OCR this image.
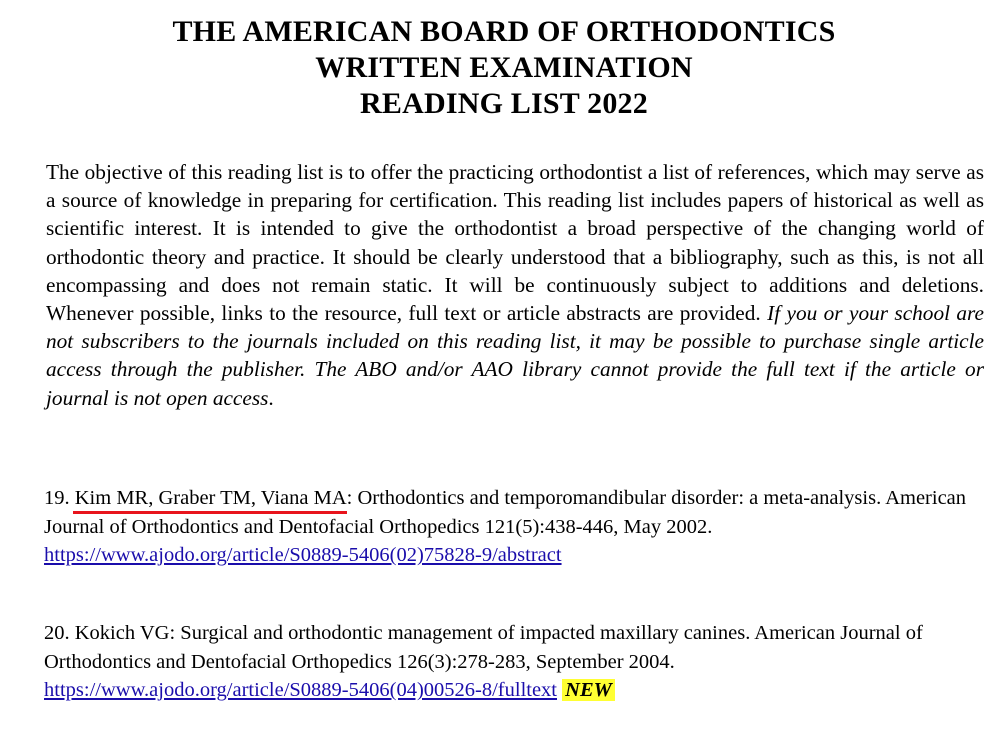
THE AMERICAN BOARD OF ORTHODONTICS
WRITTEN EXAMINATION
READING LIST 2022

The objective of this reading list is to offer the practicing orthodontist a list of references, which may serve as a source of knowledge in preparing for certification. This reading list includes papers of historical as well as scientific interest. It is intended to give the orthodontist a broad perspective of the changing world of orthodontic theory and practice. It should be clearly understood that a bibliography, such as this, is not all encompassing and does not remain static. It will be continuously subject to additions and deletions. Whenever possible, links to the resource, full text or article abstracts are provided. If you or your school are not subscribers to the journals included on this reading list, it may be possible to purchase single article access through the publisher. The ABO and/or AAO library cannot provide the full text if the article or journal is not open access.

19. Kim MR, Graber TM, Viana MA
: Orthodontics and temporomandibular disorder: a meta-analysis. American Journal of Orthodontics and Dentofacial Orthopedics 121(5):438-446, May 2002.
https://www.ajodo.org/article/S0889-5406(02)75828-9/abstract
20. Kokich VG: Surgical and orthodontic management of impacted maxillary canines. American Journal of Orthodontics and Dentofacial Orthopedics 126(3):278-283, September 2004.
https://www.ajodo.org/article/S0889-5406(04)00526-8/fulltext NEW
